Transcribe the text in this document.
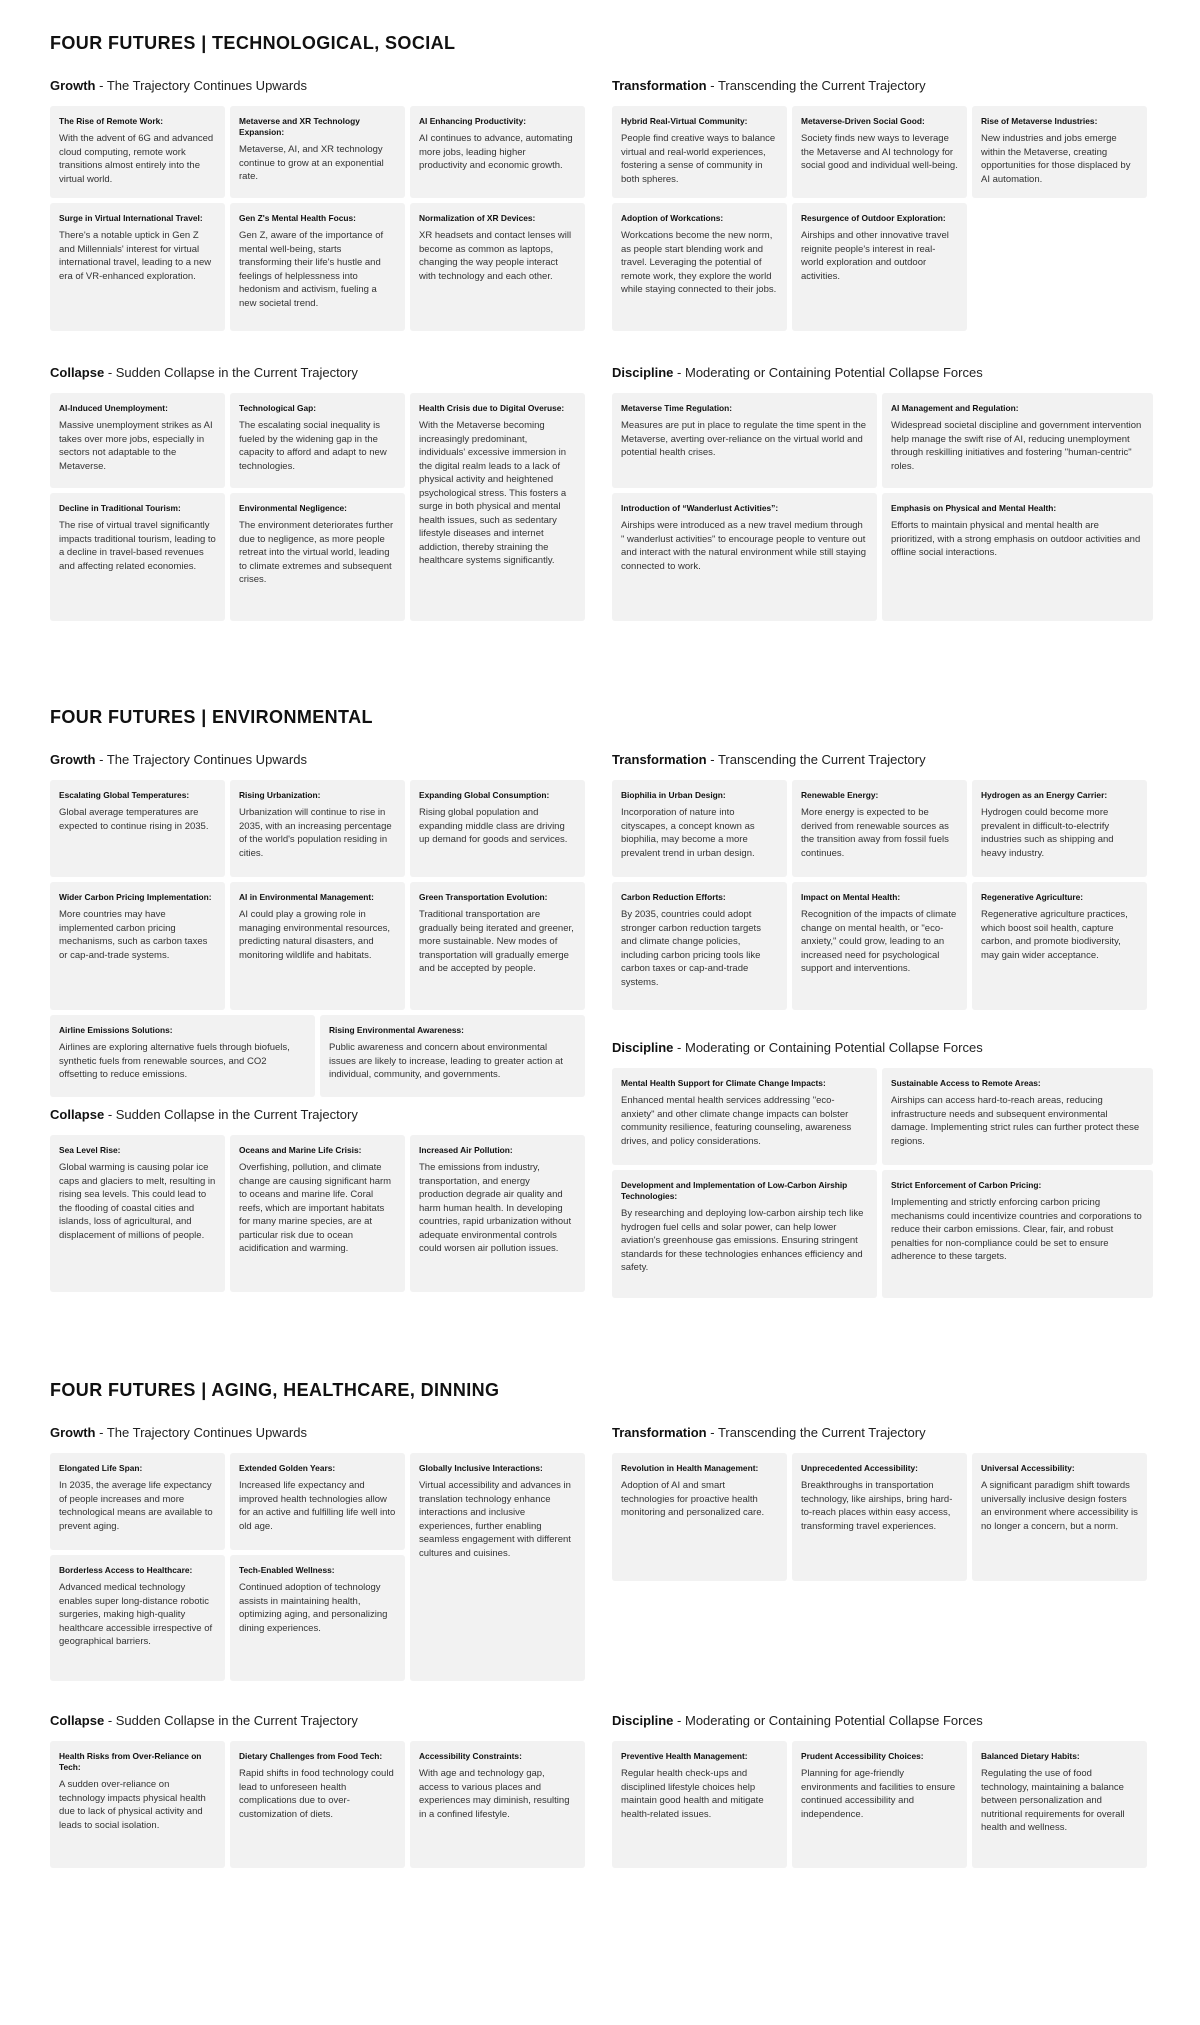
FOUR FUTURES | TECHNOLOGICAL, SOCIAL
Growth - The Trajectory Continues Upwards
The Rise of Remote Work:
With the advent of 6G and advanced cloud computing, remote work transitions almost entirely into the virtual world.
Metaverse and XR Technology Expansion:
Metaverse, AI, and XR technology continue to grow at an exponential rate.
AI Enhancing Productivity:
AI continues to advance, automating more jobs, leading higher productivity and economic growth.
Surge in Virtual International Travel:
There's a notable uptick in Gen Z and Millennials' interest for virtual international travel, leading to a new era of VR-enhanced exploration.
Gen Z's Mental Health Focus:
Gen Z, aware of the importance of mental well-being, starts transforming their life's hustle and feelings of helplessness into hedonism and activism, fueling a new societal trend.
Normalization of XR Devices:
XR headsets and contact lenses will become as common as laptops, changing the way people interact with technology and each other.
Transformation - Transcending the Current Trajectory
Hybrid Real-Virtual Community:
People find creative ways to balance virtual and real-world experiences, fostering a sense of community in both spheres.
Metaverse-Driven Social Good:
Society finds new ways to leverage the Metaverse and AI technology for social good and individual well-being.
Rise of Metaverse Industries:
New industries and jobs emerge within the Metaverse, creating opportunities for those displaced by AI automation.
Adoption of Workcations:
Workcations become the new norm, as people start blending work and travel. Leveraging the potential of remote work, they explore the world while staying connected to their jobs.
Resurgence of Outdoor Exploration:
Airships and other innovative travel reignite people's interest in real-world exploration and outdoor activities.
Collapse - Sudden Collapse in the Current Trajectory
AI-Induced Unemployment:
Massive unemployment strikes as AI takes over more jobs, especially in sectors not adaptable to the Metaverse.
Technological Gap:
The escalating social inequality is fueled by the widening gap in the capacity to afford and adapt to new technologies.
Health Crisis due to Digital Overuse:
With the Metaverse becoming increasingly predominant, individuals' excessive immersion in the digital realm leads to a lack of physical activity and heightened psychological stress. This fosters a surge in both physical and mental health issues, such as sedentary lifestyle diseases and internet addiction, thereby straining the healthcare systems significantly.
Decline in Traditional Tourism:
The rise of virtual travel significantly impacts traditional tourism, leading to a decline in travel-based revenues and affecting related economies.
Environmental Negligence:
The environment deteriorates further due to negligence, as more people retreat into the virtual world, leading to climate extremes and subsequent crises.
Discipline - Moderating or Containing Potential Collapse Forces
Metaverse Time Regulation:
Measures are put in place to regulate the time spent in the Metaverse, averting over-reliance on the virtual world and potential health crises.
AI Management and Regulation:
Widespread societal discipline and government intervention help manage the swift rise of AI, reducing unemployment through reskilling initiatives and fostering "human-centric" roles.
Introduction of “Wanderlust Activities”:
Airships were introduced as a new travel medium through " wanderlust activities" to encourage people to venture out and interact with the natural environment while still staying connected to work.
Emphasis on Physical and Mental Health:
Efforts to maintain physical and mental health are prioritized, with a strong emphasis on outdoor activities and offline social interactions.
FOUR FUTURES | ENVIRONMENTAL
Growth - The Trajectory Continues Upwards
Escalating Global Temperatures:
Global average temperatures are expected to continue rising in 2035.
Rising Urbanization:
Urbanization will continue to rise in 2035, with an increasing percentage of the world's population residing in cities.
Expanding Global Consumption:
Rising global population and expanding middle class are driving up demand for goods and services.
Wider Carbon Pricing Implementation:
More countries may have implemented carbon pricing mechanisms, such as carbon taxes or cap-and-trade systems.
AI in Environmental Management:
AI could play a growing role in managing environmental resources, predicting natural disasters, and monitoring wildlife and habitats.
Green Transportation Evolution:
Traditional transportation are gradually being iterated and greener, more sustainable. New modes of transportation will gradually emerge and be accepted by people.
Airline Emissions Solutions:
Airlines are exploring alternative fuels through biofuels, synthetic fuels from renewable sources, and CO2 offsetting to reduce emissions.
Rising Environmental Awareness:
Public awareness and concern about environmental issues are likely to increase, leading to greater action at individual, community, and governments.
Transformation - Transcending the Current Trajectory
Biophilia in Urban Design:
Incorporation of nature into cityscapes, a concept known as biophilia, may become a more prevalent trend in urban design.
Renewable Energy:
More energy is expected to be derived from renewable sources as the transition away from fossil fuels continues.
Hydrogen as an Energy Carrier:
Hydrogen could become more prevalent in difficult-to-electrify industries such as shipping and heavy industry.
Carbon Reduction Efforts:
By 2035, countries could adopt stronger carbon reduction targets and climate change policies, including carbon pricing tools like carbon taxes or cap-and-trade systems.
Impact on Mental Health:
Recognition of the impacts of climate change on mental health, or "eco-anxiety," could grow, leading to an increased need for psychological support and interventions.
Regenerative Agriculture:
Regenerative agriculture practices, which boost soil health, capture carbon, and promote biodiversity, may gain wider acceptance.
Collapse - Sudden Collapse in the Current Trajectory
Sea Level Rise:
Global warming is causing polar ice caps and glaciers to melt, resulting in rising sea levels. This could lead to the flooding of coastal cities and islands, loss of agricultural, and displacement of millions of people.
Oceans and Marine Life Crisis:
Overfishing, pollution, and climate change are causing significant harm to oceans and marine life. Coral reefs, which are important habitats for many marine species, are at particular risk due to ocean acidification and warming.
Increased Air Pollution:
The emissions from industry, transportation, and energy production degrade air quality and harm human health. In developing countries, rapid urbanization without adequate environmental controls could worsen air pollution issues.
Discipline - Moderating or Containing Potential Collapse Forces
Mental Health Support for Climate Change Impacts:
Enhanced mental health services addressing "eco-anxiety" and other climate change impacts can bolster community resilience, featuring counseling, awareness drives, and policy considerations.
Sustainable Access to Remote Areas:
Airships can access hard-to-reach areas, reducing infrastructure needs and subsequent environmental damage. Implementing strict rules can further protect these regions.
Development and Implementation of Low-Carbon Airship Technologies:
By researching and deploying low-carbon airship tech like hydrogen fuel cells and solar power, can help lower aviation's greenhouse gas emissions. Ensuring stringent standards for these technologies enhances efficiency and safety.
Strict Enforcement of Carbon Pricing:
Implementing and strictly enforcing carbon pricing mechanisms could incentivize countries and corporations to reduce their carbon emissions. Clear, fair, and robust penalties for non-compliance could be set to ensure adherence to these targets.
FOUR FUTURES | AGING, HEALTHCARE, DINNING
Growth - The Trajectory Continues Upwards
Elongated Life Span:
In 2035, the average life expectancy of people increases and more technological means are available to prevent aging.
Extended Golden Years:
Increased life expectancy and improved health technologies allow for an active and fulfilling life well into old age.
Globally Inclusive Interactions:
Virtual accessibility and advances in translation technology enhance interactions and inclusive experiences, further enabling seamless engagement with different cultures and cuisines.
Borderless Access to Healthcare:
Advanced medical technology enables super long-distance robotic surgeries, making high-quality healthcare accessible irrespective of geographical barriers.
Tech-Enabled Wellness:
Continued adoption of technology assists in maintaining health, optimizing aging, and personalizing dining experiences.
Transformation - Transcending the Current Trajectory
Revolution in Health Management:
Adoption of AI and smart technologies for proactive health monitoring and personalized care.
Unprecedented Accessibility:
Breakthroughs in transportation technology, like airships, bring hard-to-reach places within easy access, transforming travel experiences.
Universal Accessibility:
A significant paradigm shift towards universally inclusive design fosters an environment where accessibility is no longer a concern, but a norm.
Collapse - Sudden Collapse in the Current Trajectory
Health Risks from Over-Reliance on Tech:
A sudden over-reliance on technology impacts physical health due to lack of physical activity and leads to social isolation.
Dietary Challenges from Food Tech:
Rapid shifts in food technology could lead to unforeseen health complications due to over-customization of diets.
Accessibility Constraints:
With age and technology gap, access to various places and experiences may diminish, resulting in a confined lifestyle.
Discipline - Moderating or Containing Potential Collapse Forces
Preventive Health Management:
Regular health check-ups and disciplined lifestyle choices help maintain good health and mitigate health-related issues.
Prudent Accessibility Choices:
Planning for age-friendly environments and facilities to ensure continued accessibility and independence.
Balanced Dietary Habits:
Regulating the use of food technology, maintaining a balance between personalization and nutritional requirements for overall health and wellness.
